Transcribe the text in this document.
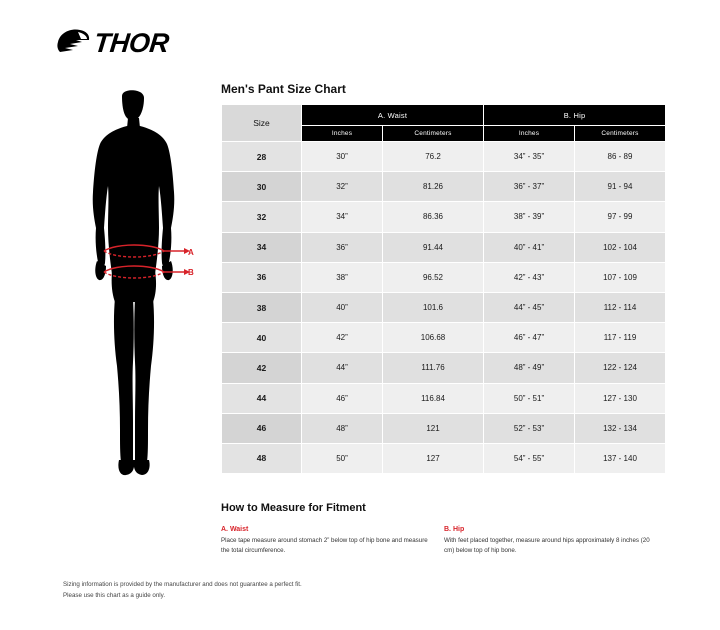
THOR
A
B
Men's Pant Size Chart
Size	A. Waist		B. Hip	
	Inches	Centimeters	Inches	Centimeters
28	30”	76.2	34” - 35”	86 - 89
30	32”	81.26	36” - 37”	91 - 94
32	34”	86.36	38” - 39”	97 - 99
34	36”	91.44	40” - 41”	102 - 104
36	38”	96.52	42” - 43”	107 - 109
38	40”	101.6	44” - 45”	112 - 114
40	42”	106.68	46” - 47”	117 - 119
42	44”	111.76	48” - 49”	122 - 124
44	46”	116.84	50” - 51”	127 - 130
46	48”	121	52” - 53”	132 - 134
48	50”	127	54” - 55”	137 - 140
How to Measure for Fitment
A. Waist
Place tape measure around stomach 2” below top of hip bone and measure the total circumference.
B. Hip
With feet placed together, measure around hips approximately 8 inches (20 cm) below top of hip bone.
Sizing information is provided by the manufacturer and does not guarantee a perfect fit.
Please use this chart as a guide only.
